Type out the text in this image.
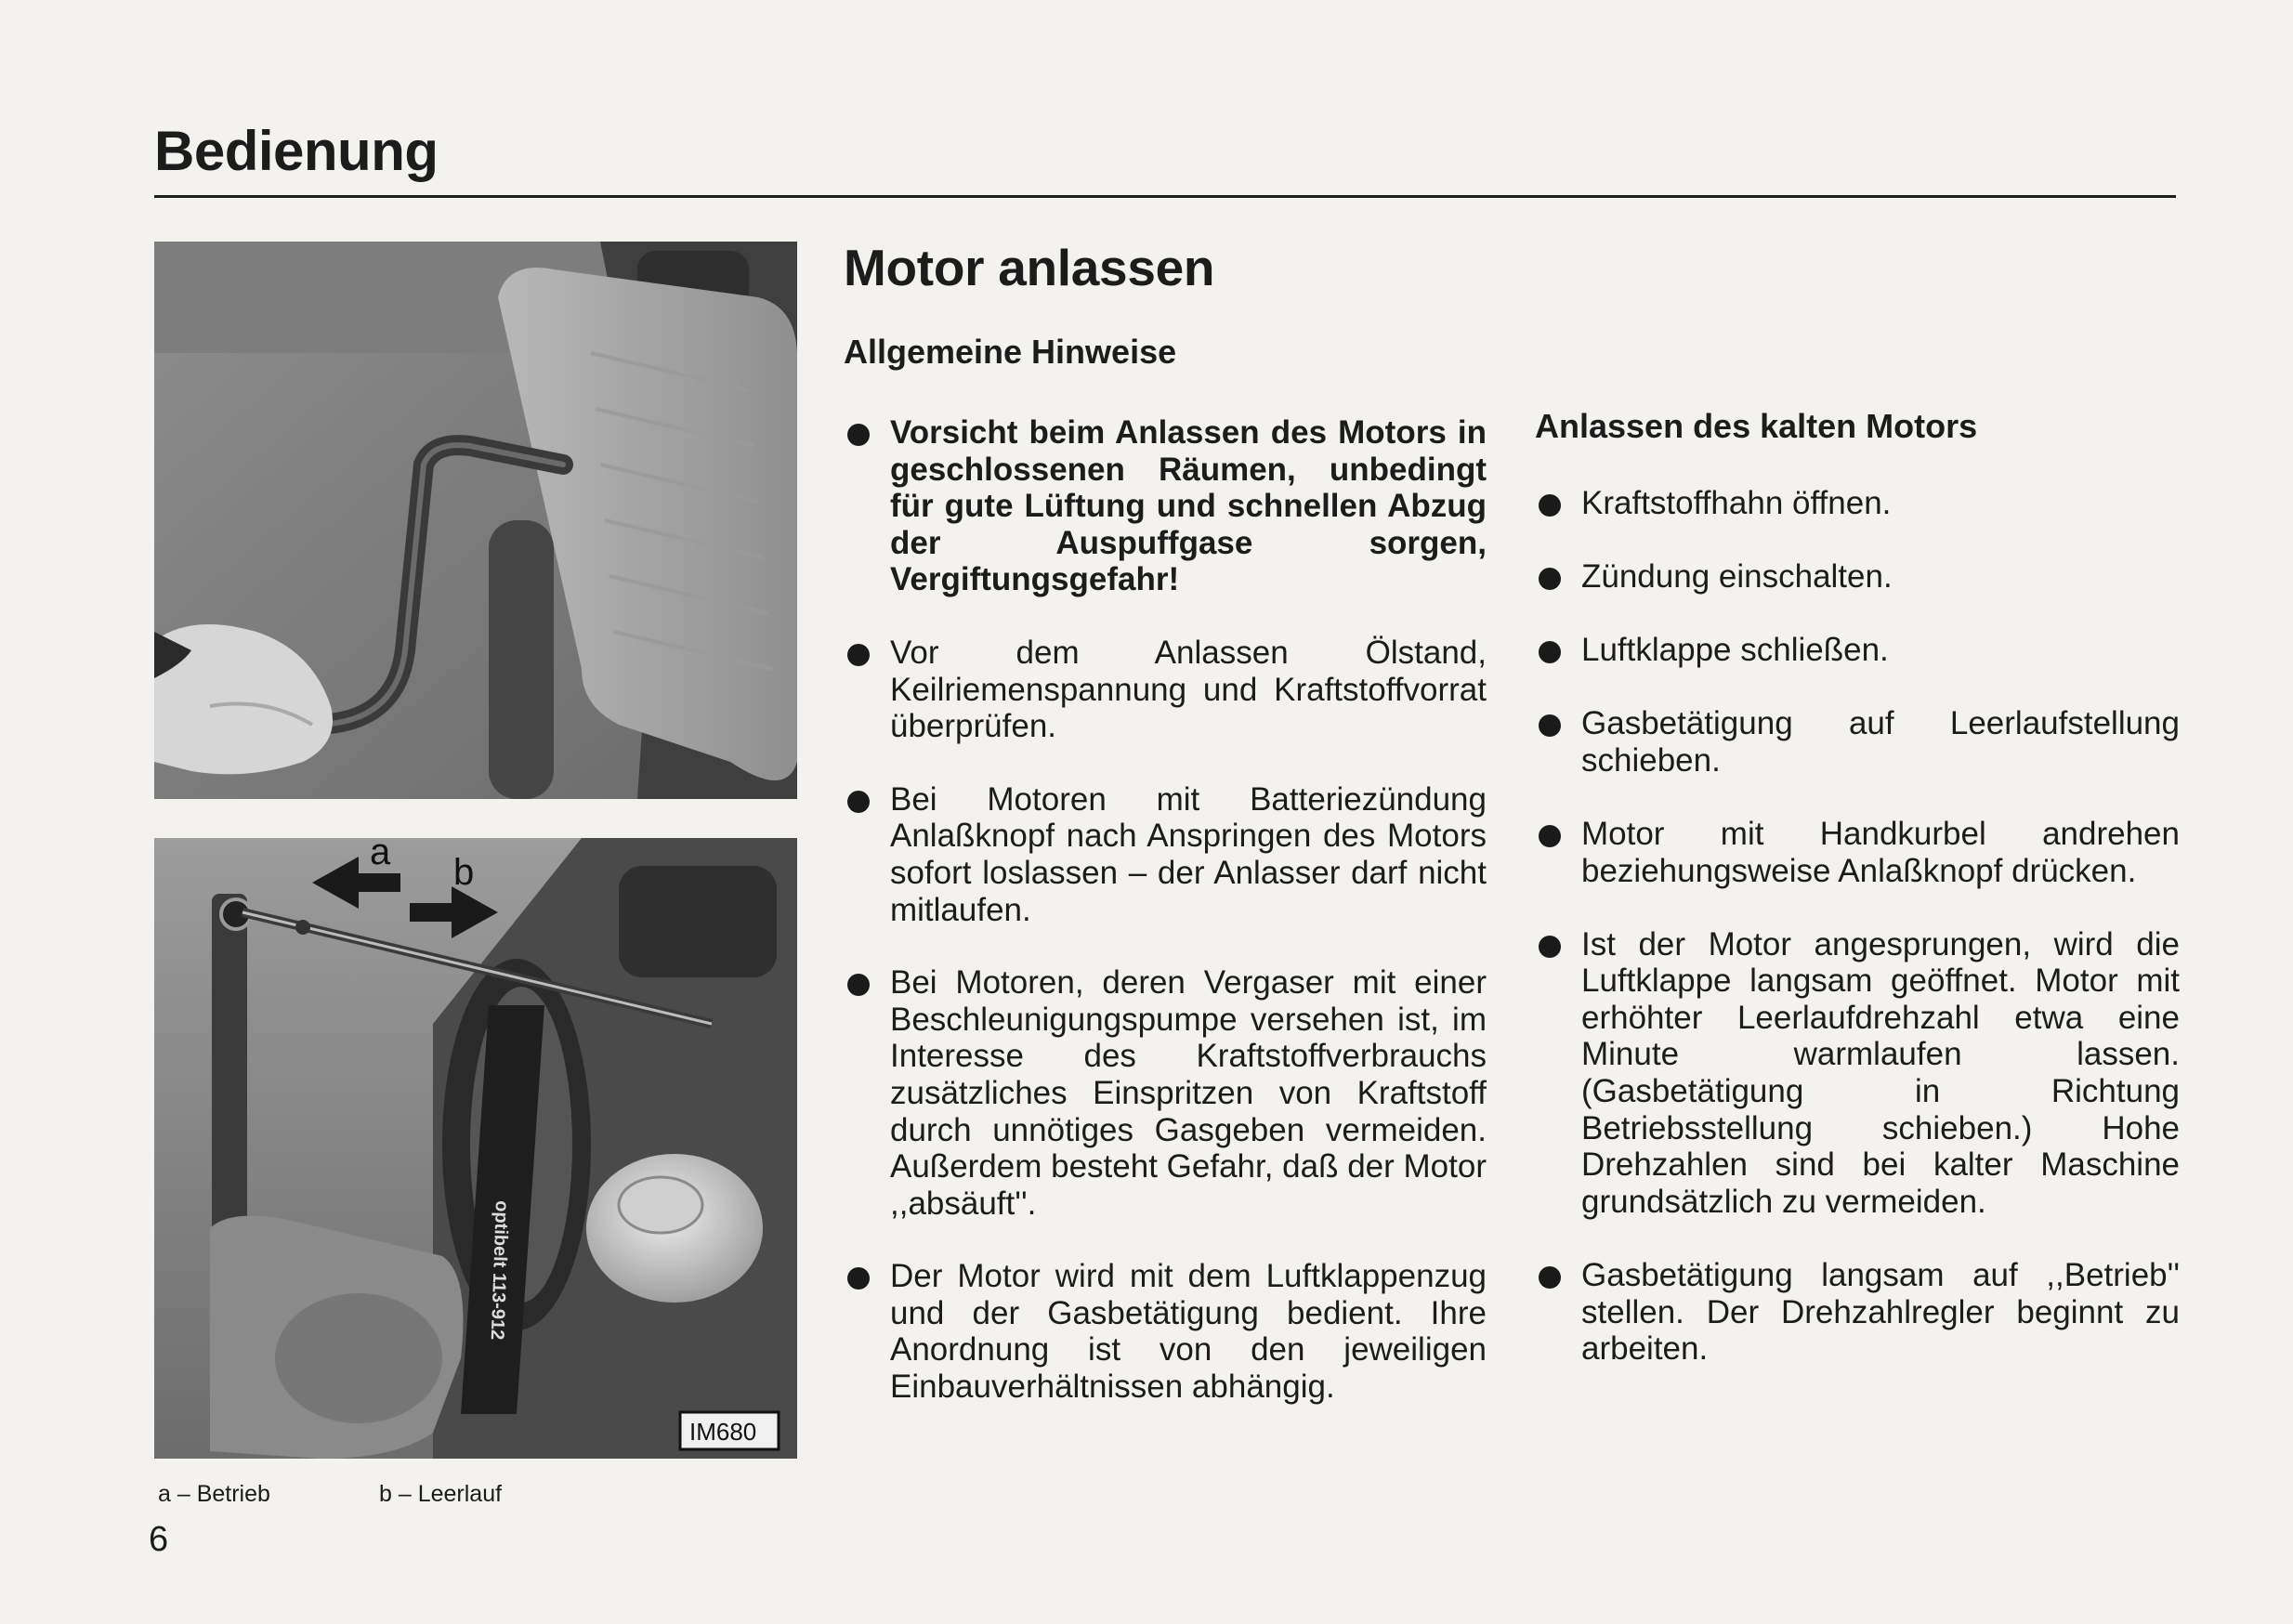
Bedienung
optibelt 113-912
a b
IM680

a – Betrieb	b – Leerlauf

6

Motor anlassen
Allgemeine Hinweise
Vorsicht beim Anlassen des Motors in geschlossenen Räumen, unbedingt für gute Lüftung und schnellen Abzug der Auspuffgase sorgen, Vergiftungsgefahr!
Vor dem Anlassen Ölstand, Keilriemenspannung und Kraftstoffvorrat überprüfen.
Bei Motoren mit Batteriezündung Anlaßknopf nach Anspringen des Motors sofort loslassen – der Anlasser darf nicht mitlaufen.
Bei Motoren, deren Vergaser mit einer Beschleunigungspumpe versehen ist, im Interesse des Kraftstoffverbrauchs zusätzliches Einspritzen von Kraftstoff durch unnötiges Gasgeben vermeiden. Außerdem besteht Gefahr, daß der Motor ,,absäuft''.
Der Motor wird mit dem Luftklappenzug und der Gasbetätigung bedient. Ihre Anordnung ist von den jeweiligen Einbauverhältnissen abhängig.
Anlassen des kalten Motors
Kraftstoffhahn öffnen.
Zündung einschalten.
Luftklappe schließen.
Gasbetätigung auf Leerlaufstellung schieben.
Motor mit Handkurbel andrehen beziehungsweise Anlaßknopf drücken.
Ist der Motor angesprungen, wird die Luftklappe langsam geöffnet. Motor mit erhöhter Leerlaufdrehzahl etwa eine Minute warmlaufen lassen. (Gasbetätigung in Richtung Betriebsstellung schieben.) Hohe Drehzahlen sind bei kalter Maschine grundsätzlich zu vermeiden.
Gasbetätigung langsam auf ,,Betrieb'' stellen. Der Drehzahlregler beginnt zu arbeiten.
